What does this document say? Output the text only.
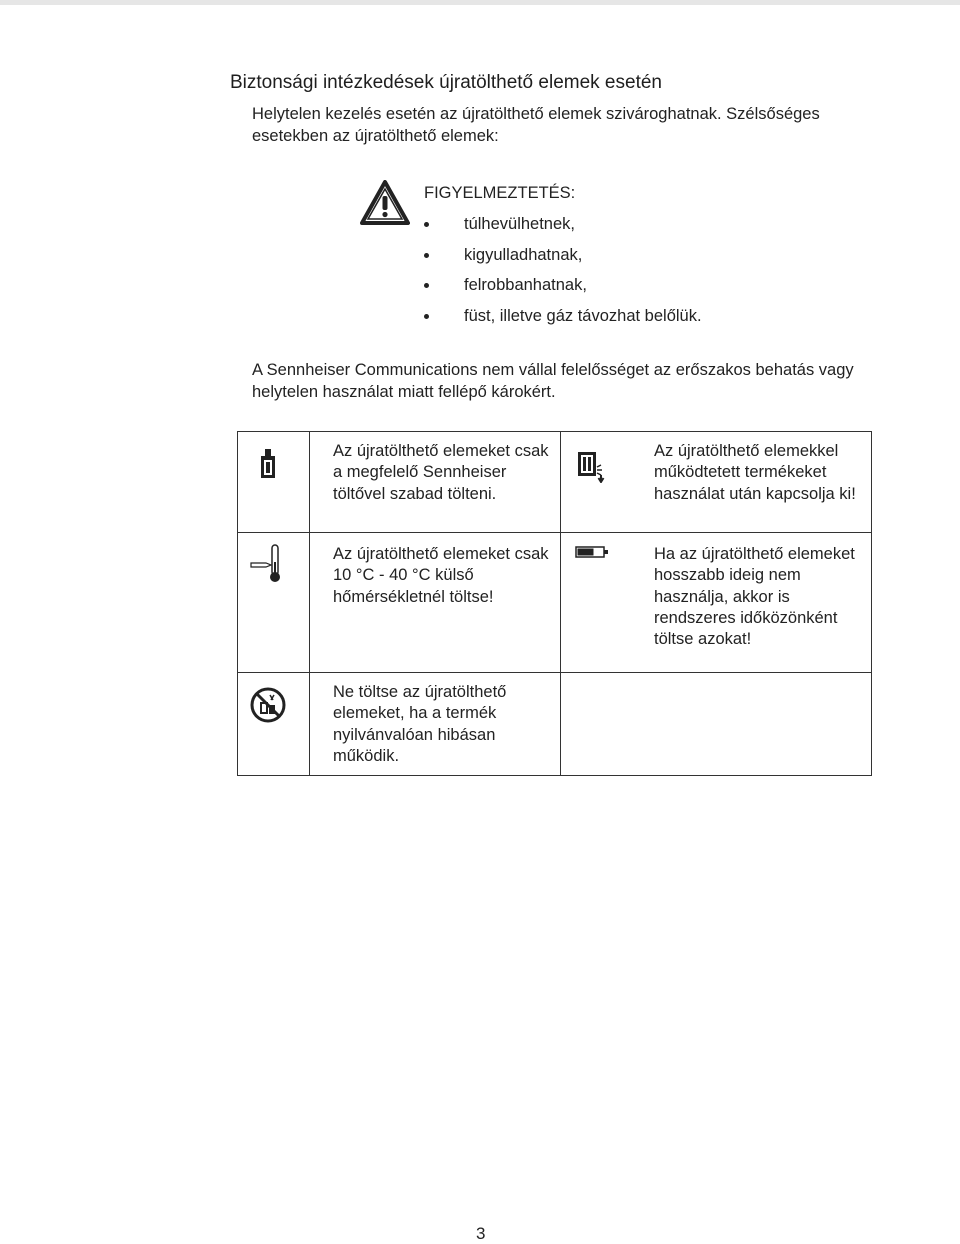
Biztonsági intézkedések újratölthető elemek esetén
Helytelen kezelés esetén az újratölthető elemek szivároghatnak. Szélsőséges esetekben az újratölthető elemek:
FIGYELMEZTETÉS:
túlhevülhetnek,
kigyulladhatnak,
felrobbanhatnak,
füst, illetve gáz távozhat belőlük.
A Sennheiser Communications nem vállal felelősséget az erőszakos behatás vagy helytelen használat miatt fellépő károkért.
Az újratölthető elemeket csak a megfelelő Sennheiser töltővel szabad tölteni.
Az újratölthető elemekkel működtetett termékeket használat után kapcsolja ki!
Az újratölthető elemeket csak 10 °C - 40 °C külső hőmérsékletnél töltse!
Ha az újratölthető elemeket hosszabb ideig nem használja, akkor is rendszeres időközönként töltse azokat!
Ne töltse az újratölthető elemeket, ha a termék nyilvánvalóan hibásan működik.
3
